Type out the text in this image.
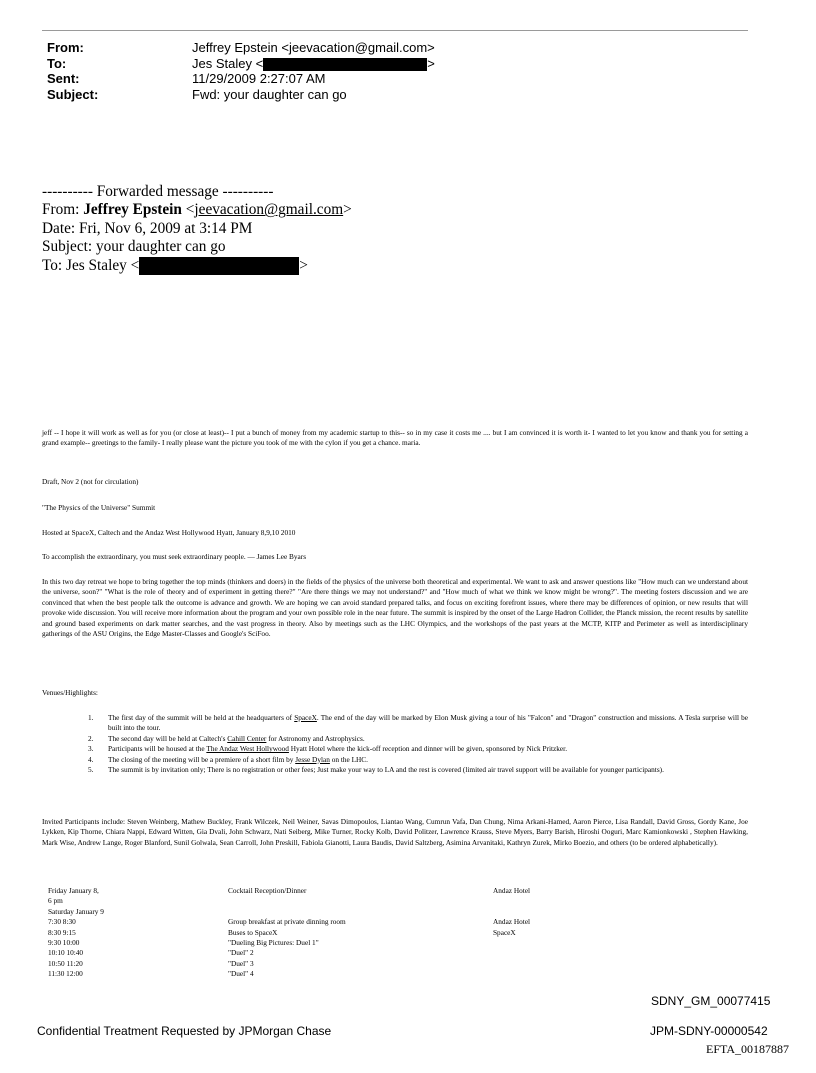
From:	Jeffrey Epstein <jeevacation@gmail.com>
To:	Jes Staley <	>
Sent:	11/29/2009 2:27:07 AM
Subject:	Fwd: your daughter can go
---------- Forwarded message ----------
From: Jeffrey Epstein <jeevacation@gmail.com>
Date: Fri, Nov 6, 2009 at 3:14 PM
Subject: your daughter can go
To: Jes Staley <	>
jeff -- I hope it will work as well as for you (or close at least)-- I put a bunch of money from my academic startup to this-- so in my case it costs me .... but I am convinced it is worth it- I wanted to let you know and thank you for setting a grand example-- greetings to the family- I really please want the picture you took of me with the cylon if you get a chance. maria.
Draft, Nov 2 (not for circulation)
"The Physics of the Universe" Summit
Hosted at SpaceX, Caltech and the Andaz West Hollywood Hyatt, January 8,9,10 2010
To accomplish the extraordinary, you must seek extraordinary people. — James Lee Byars
In this two day retreat we hope to bring together the top minds (thinkers and doers) in the fields of the physics of the universe both theoretical and experimental. We want to ask and answer questions like "How much can we understand about the universe, soon?" "What is the role of theory and of experiment in getting there?" "Are there things we may not understand?" and "How much of what we think we know might be wrong?". The meeting fosters discussion and we are convinced that when the best people talk the outcome is advance and growth. We are hoping we can avoid standard prepared talks, and focus on exciting forefront issues, where there may be differences of opinion, or new results that will provoke wide discussion. You will receive more information about the program and your own possible role in the near future. The summit is inspired by the onset of the Large Hadron Collider, the Planck mission, the recent results by satellite and ground based experiments on dark matter searches, and the vast progress in theory. Also by meetings such as the LHC Olympics, and the workshops of the past years at the MCTP, KITP and Perimeter as well as interdisciplinary gatherings of the ASU Origins, the Edge Master-Classes and Google's SciFoo.
Venues/Highlights:
1.	The first day of the summit will be held at the headquarters of SpaceX. The end of the day will be marked by Elon Musk giving a tour of his "Falcon" and "Dragon" construction and missions. A Tesla surprise will be built into the tour.
2.	The second day will be held at Caltech's Cahill Center for Astronomy and Astrophysics.
3.	Participants will be housed at the The Andaz West Hollywood Hyatt Hotel where the kick-off reception and dinner will be given, sponsored by Nick Pritzker.
4.	The closing of the meeting will be a premiere of a short film by Jesse Dylan on the LHC.
5.	The summit is by invitation only; There is no registration or other fees; Just make your way to LA and the rest is covered (limited air travel support will be available for younger participants).
Invited Participants include: Steven Weinberg, Mathew Buckley, Frank Wilczek, Neil Weiner, Savas Dimopoulos, Liantao Wang, Cumrun Vafa, Dan Chung, Nima Arkani-Hamed, Aaron Pierce, Lisa Randall, David Gross, Gordy Kane, Joe Lykken, Kip Thorne, Chiara Nappi, Edward Witten, Gia Dvali, John Schwarz, Nati Seiberg, Mike Turner, Rocky Kolb, David Politzer, Lawrence Krauss, Steve Myers, Barry Barish, Hiroshi Ooguri, Marc Kamionkowski , Stephen Hawking, Mark Wise, Andrew Lange, Roger Blanford, Sunil Golwala, Sean Carroll, John Preskill, Fabiola Gianotti, Laura Baudis, David Saltzberg, Asimina Arvanitaki, Kathryn Zurek, Mirko Boezio, and others (to be ordered alphabetically).
Friday January 8,	Cocktail Reception/Dinner	Andaz Hotel
6 pm
Saturday January 9
7:30 8:30	Group breakfast at private dinning room	Andaz Hotel
8:30 9:15	Buses to SpaceX	SpaceX
9:30 10:00	"Dueling Big Pictures: Duel 1"
10:10 10:40	"Duel" 2
10:50 11:20	"Duel" 3
11:30 12:00	"Duel" 4
SDNY_GM_00077415
Confidential Treatment Requested by JPMorgan Chase	JPM-SDNY-00000542
EFTA_00187887
